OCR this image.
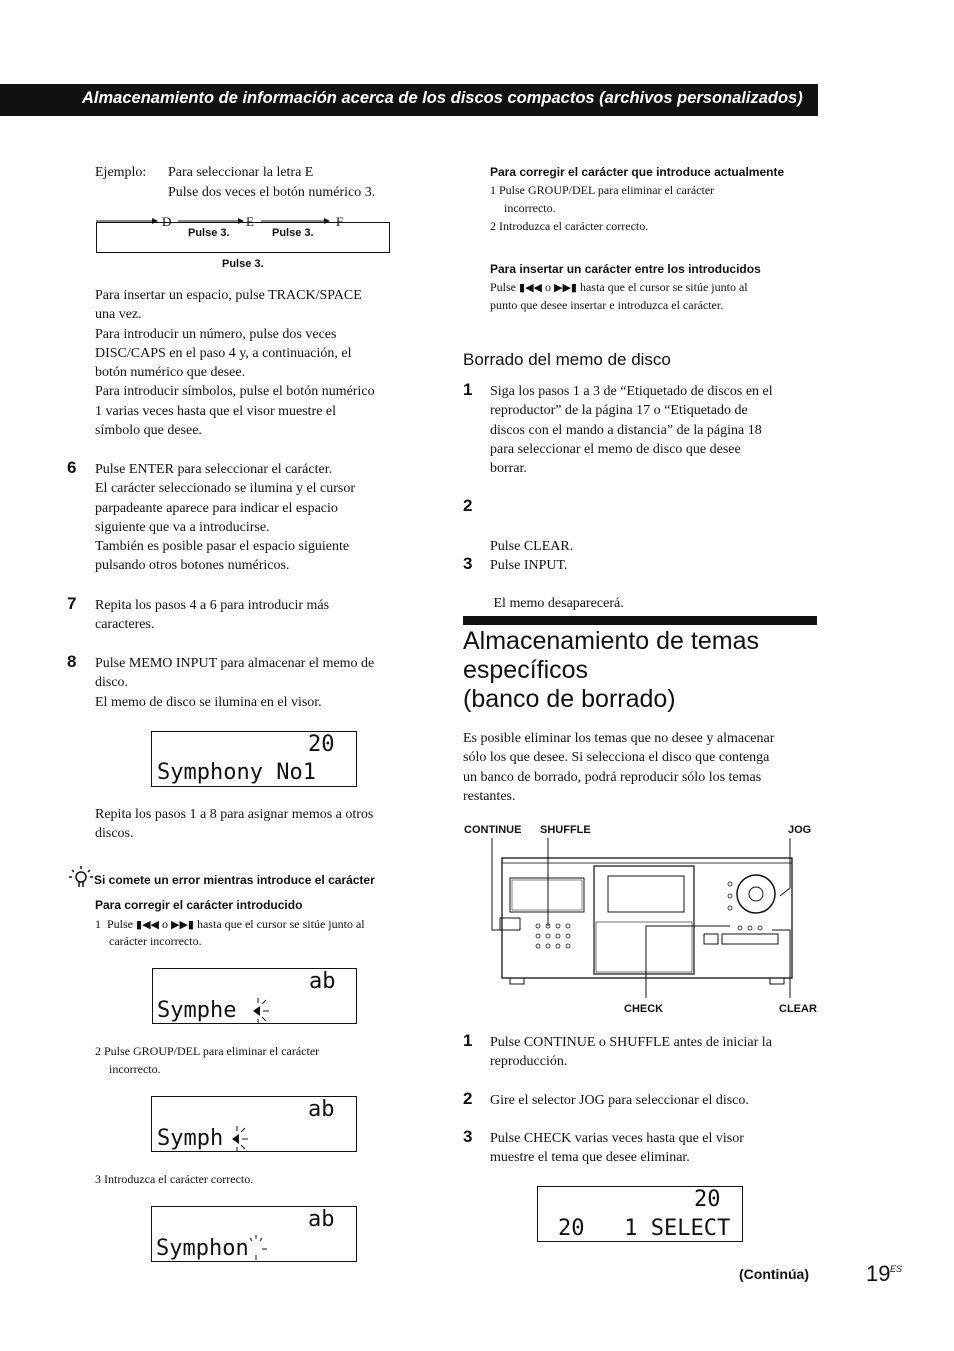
Almacenamiento de información acerca de los discos compactos (archivos personalizados)
Ejemplo: Para seleccionar la letra E
Pulse dos veces el botón numérico 3.
D	E	F
Pulse 3.	Pulse 3.
Pulse 3.
Para insertar un espacio, pulse TRACK/SPACE
una vez.
Para introducir un número, pulse dos veces
DISC/CAPS en el paso 4 y, a continuación, el
botón numérico que desee.
Para introducir símbolos, pulse el botón numérico
1 varias veces hasta que el visor muestre el
símbolo que desee.
6 Pulse ENTER para seleccionar el carácter.
El carácter seleccionado se ilumina y el cursor
parpadeante aparece para indicar el espacio
siguiente que va a introducirse.
También es posible pasar el espacio siguiente
pulsando otros botones numéricos.
7 Repita los pasos 4 a 6 para introducir más
caracteres.
8 Pulse MEMO INPUT para almacenar el memo de
disco.
El memo de disco se ilumina en el visor.
20
Symphony No1
Repita los pasos 1 a 8 para asignar memos a otros
discos.
Si comete un error mientras introduce el carácter
Para corregir el carácter introducido
1 Pulse ▮◀◀ o ▶▶▮ hasta que el cursor se sitúe junto al
carácter incorrecto.
ab
Symphe
2 Pulse GROUP/DEL para eliminar el carácter
incorrecto.
ab
Symph
3 Introduzca el carácter correcto.
ab
Symphon
Para corregir el carácter que introduce actualmente
1 Pulse GROUP/DEL para eliminar el carácter
incorrecto.
2 Introduzca el carácter correcto.
Para insertar un carácter entre los introducidos
Pulse ▮◀◀ o ▶▶▮ hasta que el cursor se sitúe junto al
punto que desee insertar e introduzca el carácter.
Borrado del memo de disco
1 Siga los pasos 1 a 3 de “Etiquetado de discos en el
reproductor” de la página 17 o “Etiquetado de
discos con el mando a distancia” de la página 18
para seleccionar el memo de disco que desee
borrar.
2

Pulse CLEAR.

El memo desaparecerá.

3 Pulse INPUT.
Almacenamiento de temas
específicos
(banco de borrado)
Es posible eliminar los temas que no desee y almacenar
sólo los que desee. Si selecciona el disco que contenga
un banco de borrado, podrá reproducir sólo los temas
restantes.
CONTINUE SHUFFLE	JOG
CHECK	CLEAR
1 Pulse CONTINUE o SHUFFLE antes de iniciar la
reproducción.
2 Gire el selector JOG para seleccionar el disco.
3 Pulse CHECK varias veces hasta que el visor
muestre el tema que desee eliminar.
20
20   1 SELECT
(Continúa)	19 ES
